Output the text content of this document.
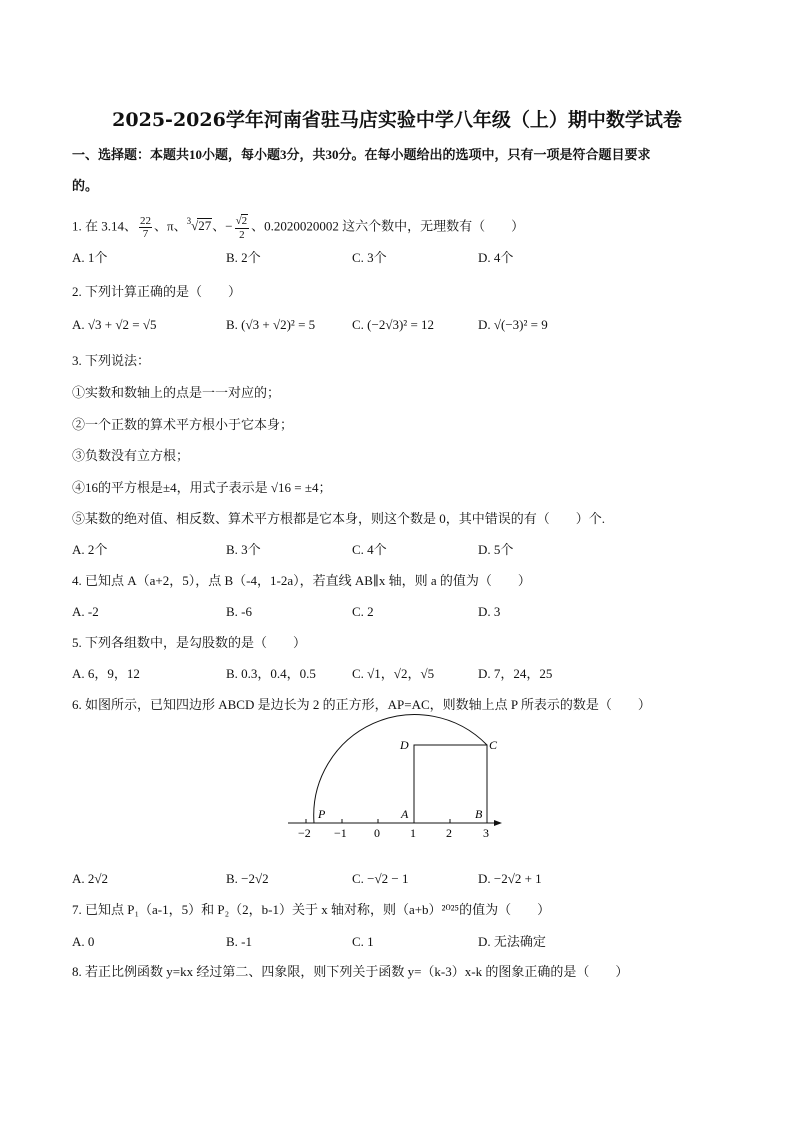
2025-2026学年河南省驻马店实验中学八年级（上）期中数学试卷
一、选择题：本题共10小题，每小题3分，共30分。在每小题给出的选项中，只有一项是符合题目要求
的。
1. 在 3.14、 $\frac{22}{7}$ 、π、$^3$√27、− $\frac{√2}{2}$ 、0.2020020002 这六个数中，无理数有（　　）
A. 1个	B. 2个	C. 3个	D. 4个
2. 下列计算正确的是（　　）
A. √3 + √2 = √5	B. (√3 + √2)² = 5	C. (−2√3)² = 12	D. √(−3)² = 9
3. 下列说法：
①实数和数轴上的点是一一对应的；
②一个正数的算术平方根小于它本身；
③负数没有立方根；
④16的平方根是±4，用式子表示是 √16 = ±4；
⑤某数的绝对值、相反数、算术平方根都是它本身，则这个数是 0，其中错误的有（　　）个.
A. 2个	B. 3个	C. 4个	D. 5个
4. 已知点 A（a+2，5），点 B（-4，1-2a），若直线 AB∥x 轴，则 a 的值为（　　）
A. -2	B. -6	C. 2	D. 3
5. 下列各组数中，是勾股数的是（　　）
A. 6，9，12	B. 0.3，0.4，0.5	C. √1，√2，√5	D. 7，24，25
6. 如图所示，已知四边形 ABCD 是边长为 2 的正方形，AP=AC，则数轴上点 P 所表示的数是（　　）
−2 −1 0	1	2	3
P	A	B
C
D
A. 2√2	B. −2√2	C. −√2 − 1	D. −2√2 + 1
7. 已知点 P₁（a-1，5）和 P₂（2，b-1）关于 x 轴对称，则（a+b）²⁰²⁵的值为（　　）
A. 0	B. -1	C. 1	D. 无法确定
8. 若正比例函数 y=kx 经过第二、四象限，则下列关于函数 y=（k-3）x-k 的图象正确的是（　　）
